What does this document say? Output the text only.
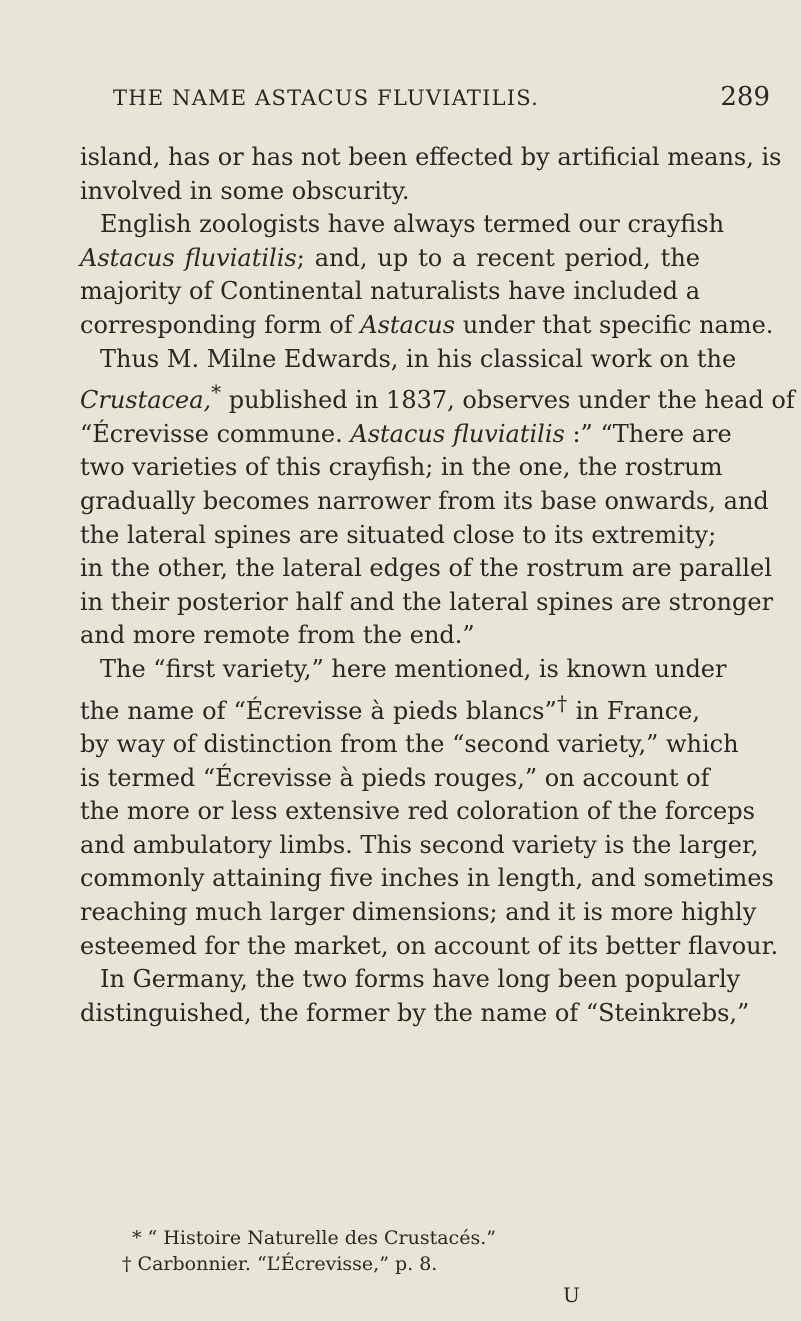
THE NAME ASTACUS FLUVIATILIS.	289
island, has or has not been effected by artificial means, is
involved in some obscurity.
English zoologists have always termed our crayfish
Astacus fluviatilis; and, up to a recent period, the
majority of Continental naturalists have included a
corresponding form of Astacus under that specific name.
Thus M. Milne Edwards, in his classical work on the
Crustacea,* published in 1837, observes under the head of
“Écrevisse commune. Astacus fluviatilis :” “There are
two varieties of this crayfish; in the one, the rostrum
gradually becomes narrower from its base onwards, and
the lateral spines are situated close to its extremity;
in the other, the lateral edges of the rostrum are parallel
in their posterior half and the lateral spines are stronger
and more remote from the end.”
The “first variety,” here mentioned, is known under
the name of “Écrevisse à pieds blancs”† in France,
by way of distinction from the “second variety,” which
is termed “Écrevisse à pieds rouges,” on account of
the more or less extensive red coloration of the forceps
and ambulatory limbs. This second variety is the larger,
commonly attaining five inches in length, and sometimes
reaching much larger dimensions; and it is more highly
esteemed for the market, on account of its better flavour.
In Germany, the two forms have long been popularly
distinguished, the former by the name of “Steinkrebs,”
* “ Histoire Naturelle des Crustacés.”
† Carbonnier. “L’Écrevisse,” p. 8.
U
